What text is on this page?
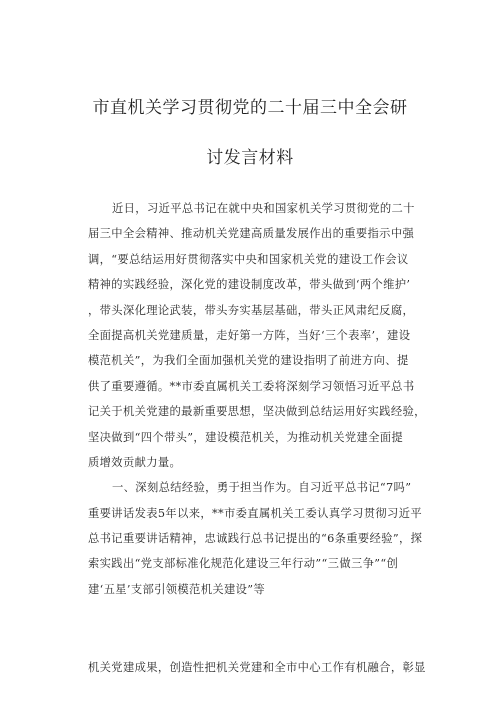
市直机关学习贯彻党的二十届三中全会研
讨发言材料
近日，习近平总书记在就中央和国家机关学习贯彻党的二十
届三中全会精神、推动机关党建高质量发展作出的重要指示中强
调，“要总结运用好贯彻落实中央和国家机关党的建设工作会议
精神的实践经验，深化党的建设制度改革，带头做到‘两个维护’
，带头深化理论武装，带头夯实基层基础，带头正风肃纪反腐，
全面提高机关党建质量，走好第一方阵，当好‘三个表率’，建设
模范机关”，为我们全面加强机关党的建设指明了前进方向、提
供了重要遵循。**市委直属机关工委将深刻学习领悟习近平总书
记关于机关党建的最新重要思想，坚决做到总结运用好实践经验，
坚决做到“四个带头”，建设模范机关，为推动机关党建全面提
质增效贡献力量。
一、深刻总结经验，勇于担当作为。自习近平总书记“7吗”
重要讲话发表5年以来，**市委直属机关工委认真学习贯彻习近平
总书记重要讲话精神，忠诚践行总书记提出的“6条重要经验”，探
索实践出“党支部标准化规范化建设三年行动”“三做三争”“创
建‘五星’支部引领模范机关建设”等
机关党建成果，创造性把机关党建和全市中心工作有机融合，彰显
